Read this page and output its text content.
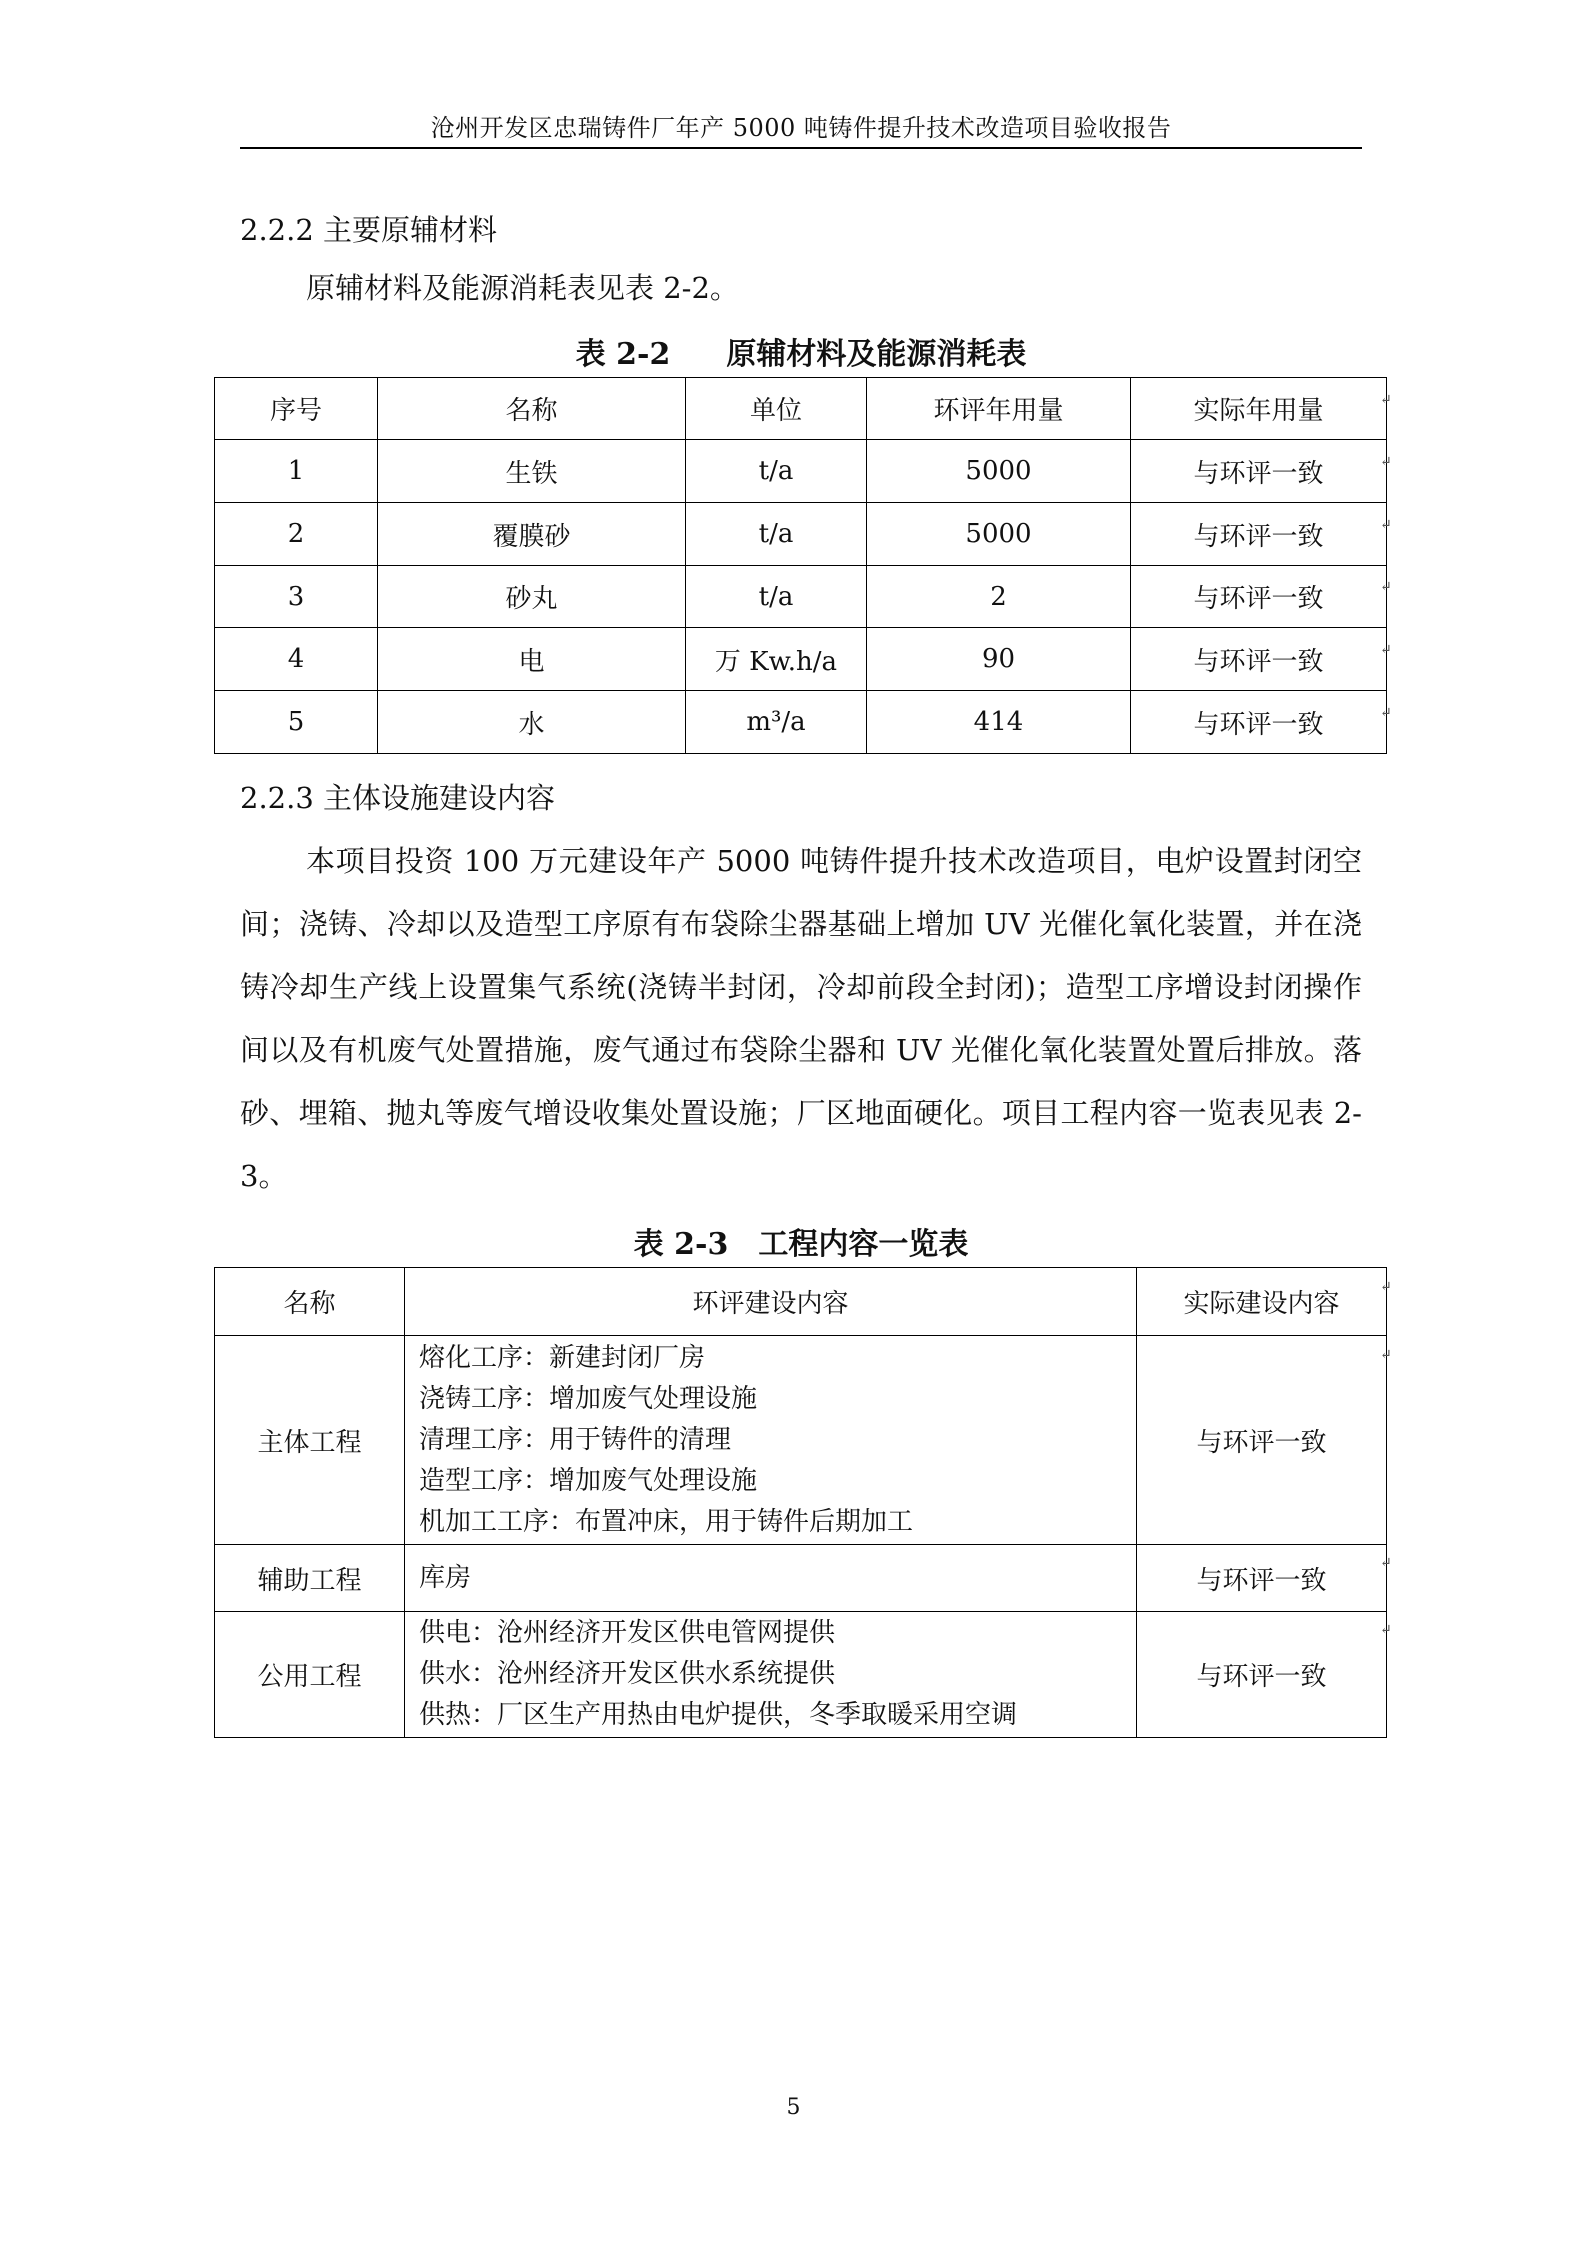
沧州开发区忠瑞铸件厂年产 5000 吨铸件提升技术改造项目验收报告
2.2.2 主要原辅材料
原辅材料及能源消耗表见表 2-2。
表 2-2 原辅材料及能源消耗表
序号	名称	单位	环评年用量	实际年用量
1	生铁	t/a	5000	与环评一致
2	覆膜砂	t/a	5000	与环评一致
3	砂丸	t/a	2	与环评一致
4	电	万 Kw.h/a	90	与环评一致
5	水	m³/a	414	与环评一致
2.2.3 主体设施建设内容
本项目投资 100 万元建设年产 5000 吨铸件提升技术改造项目，电炉设置封闭空间；浇铸、冷却以及造型工序原有布袋除尘器基础上增加 UV 光催化氧化装置，并在浇铸冷却生产线上设置集气系统(浇铸半封闭，冷却前段全封闭)；造型工序增设封闭操作间以及有机废气处置措施，废气通过布袋除尘器和 UV 光催化氧化装置处置后排放。落砂、埋箱、抛丸等废气增设收集处置设施；厂区地面硬化。项目工程内容一览表见表 2-3。
表 2-3 工程内容一览表
名称	环评建设内容	实际建设内容
主体工程	熔化工序：新建封闭厂房
浇铸工序：增加废气处理设施
清理工序：用于铸件的清理
造型工序：增加废气处理设施
机加工工序：布置冲床，用于铸件后期加工	与环评一致
辅助工程	库房	与环评一致
公用工程	供电：沧州经济开发区供电管网提供
供水：沧州经济开发区供水系统提供
供热：厂区生产用热由电炉提供，冬季取暖采用空调	与环评一致
↵
↵
↵
↵
↵
↵
↵
↵
↵
↵
5
